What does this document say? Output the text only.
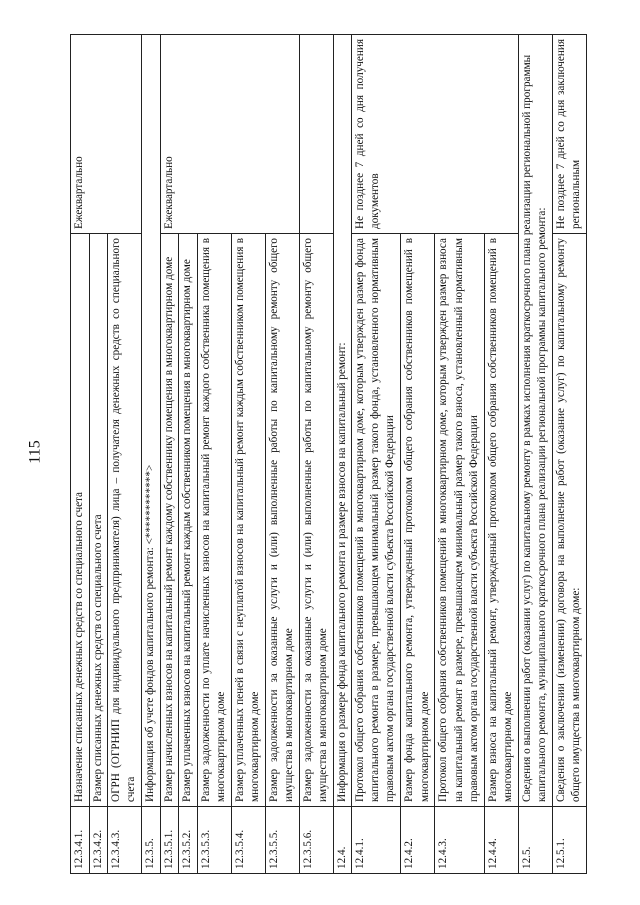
115
12.3.4.1.	Назначение списанных денежных средств со специального счета	Ежеквартально
12.3.4.2.	Размер списанных денежных средств со специального счета	
12.3.4.3.	ОГРН (ОГРНИП для индивидуального предпринимателя) лица – получателя денежных средств со специального счета	
12.3.5.	Информация об учете фондов капитального ремонта: <************>	
12.3.5.1.	Размер начисленных взносов на капитальный ремонт каждому собственнику помещения в многоквартирном доме	Ежеквартально
12.3.5.2.	Размер уплаченных взносов на капитальный ремонт каждым собственником помещения в многоквартирном доме	
12.3.5.3.	Размер задолженности по уплате начисленных взносов на капитальный ремонт каждого собственника помещения в многоквартирном доме	
12.3.5.4.	Размер уплаченных пеней в связи с неуплатой взносов на капитальный ремонт каждым собственником помещения в многоквартирном доме	
12.3.5.5.	Размер задолженности за оказанные услуги и (или) выполненные работы по капитальному ремонту общего имущества в многоквартирном доме	
12.3.5.6.	Размер задолженности за оказанные услуги и (или) выполненные работы по капитальному ремонту общего имущества в многоквартирном доме	
12.4.	Информация о размере фонда капитального ремонта и размере взносов на капитальный ремонт:	
12.4.1.	Протокол общего собрания собственников помещений в многоквартирном доме, которым утвержден размер фонда капитального ремонта в размере, превышающем минимальный размер такого фонда, установленного нормативным правовым актом органа государственной власти субъекта Российской Федерации	Не позднее 7 дней со дня получения документов
12.4.2.	Размер фонда капитального ремонта, утвержденный протоколом общего собрания собственников помещений в многоквартирном доме	
12.4.3.	Протокол общего собрания собственников помещений в многоквартирном доме, которым утвержден размер взноса на капитальный ремонт в размере, превышающем минимальный размер такого взноса, установленный нормативным правовым актом органа государственной власти субъекта Российской Федерации	
12.4.4.	Размер взноса на капитальный ремонт, утвержденный протоколом общего собрания собственников помещений в многоквартирном доме	
12.5.	Сведения о выполнении работ (оказании услуг) по капитальному ремонту в рамках исполнения краткосрочного плана реализации региональной программы капитального ремонта, муниципального краткосрочного плана реализации региональной программы капитального ремонта:	
12.5.1.	Сведения о заключении (изменении) договора на выполнение работ (оказание услуг) по капитальному ремонту общего имущества в многоквартирном доме:	Не позднее 7 дней со дня заключения региональным
